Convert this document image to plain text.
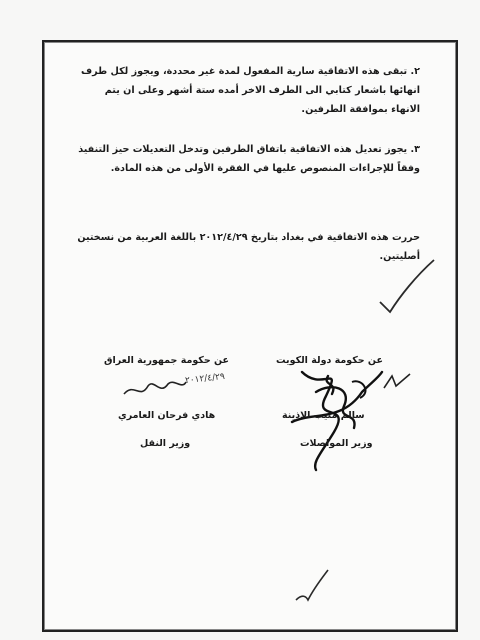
٢. تبقى هذه الاتفاقية سارية المفعول لمدة غير محددة، ويجوز لكل طرف انهائها باشعار كتابي الى الطرف الاخر أمده ستة أشهر وعلى ان يتم الانهاء بموافقة الطرفين.

٣. يجوز تعديل هذه الاتفاقية باتفاق الطرفين وتدخل التعديلات حيز التنفيذ وفقاً للإجراءات المنصوص عليها في الفقرة الأولى من هذه المادة.

حررت هذه الاتفاقية في بغداد بتاريخ ٢٠١٢/٤/٢٩ باللغة العربية من نسختين أصليتين.

عن حكومة دولة الكويت
عن حكومة جمهورية العراق
٢٠١٢/٤/٢٩
سالم مثيب الاذينة
وزير المواصلات
هادي فرحان العامري
وزير النقل
